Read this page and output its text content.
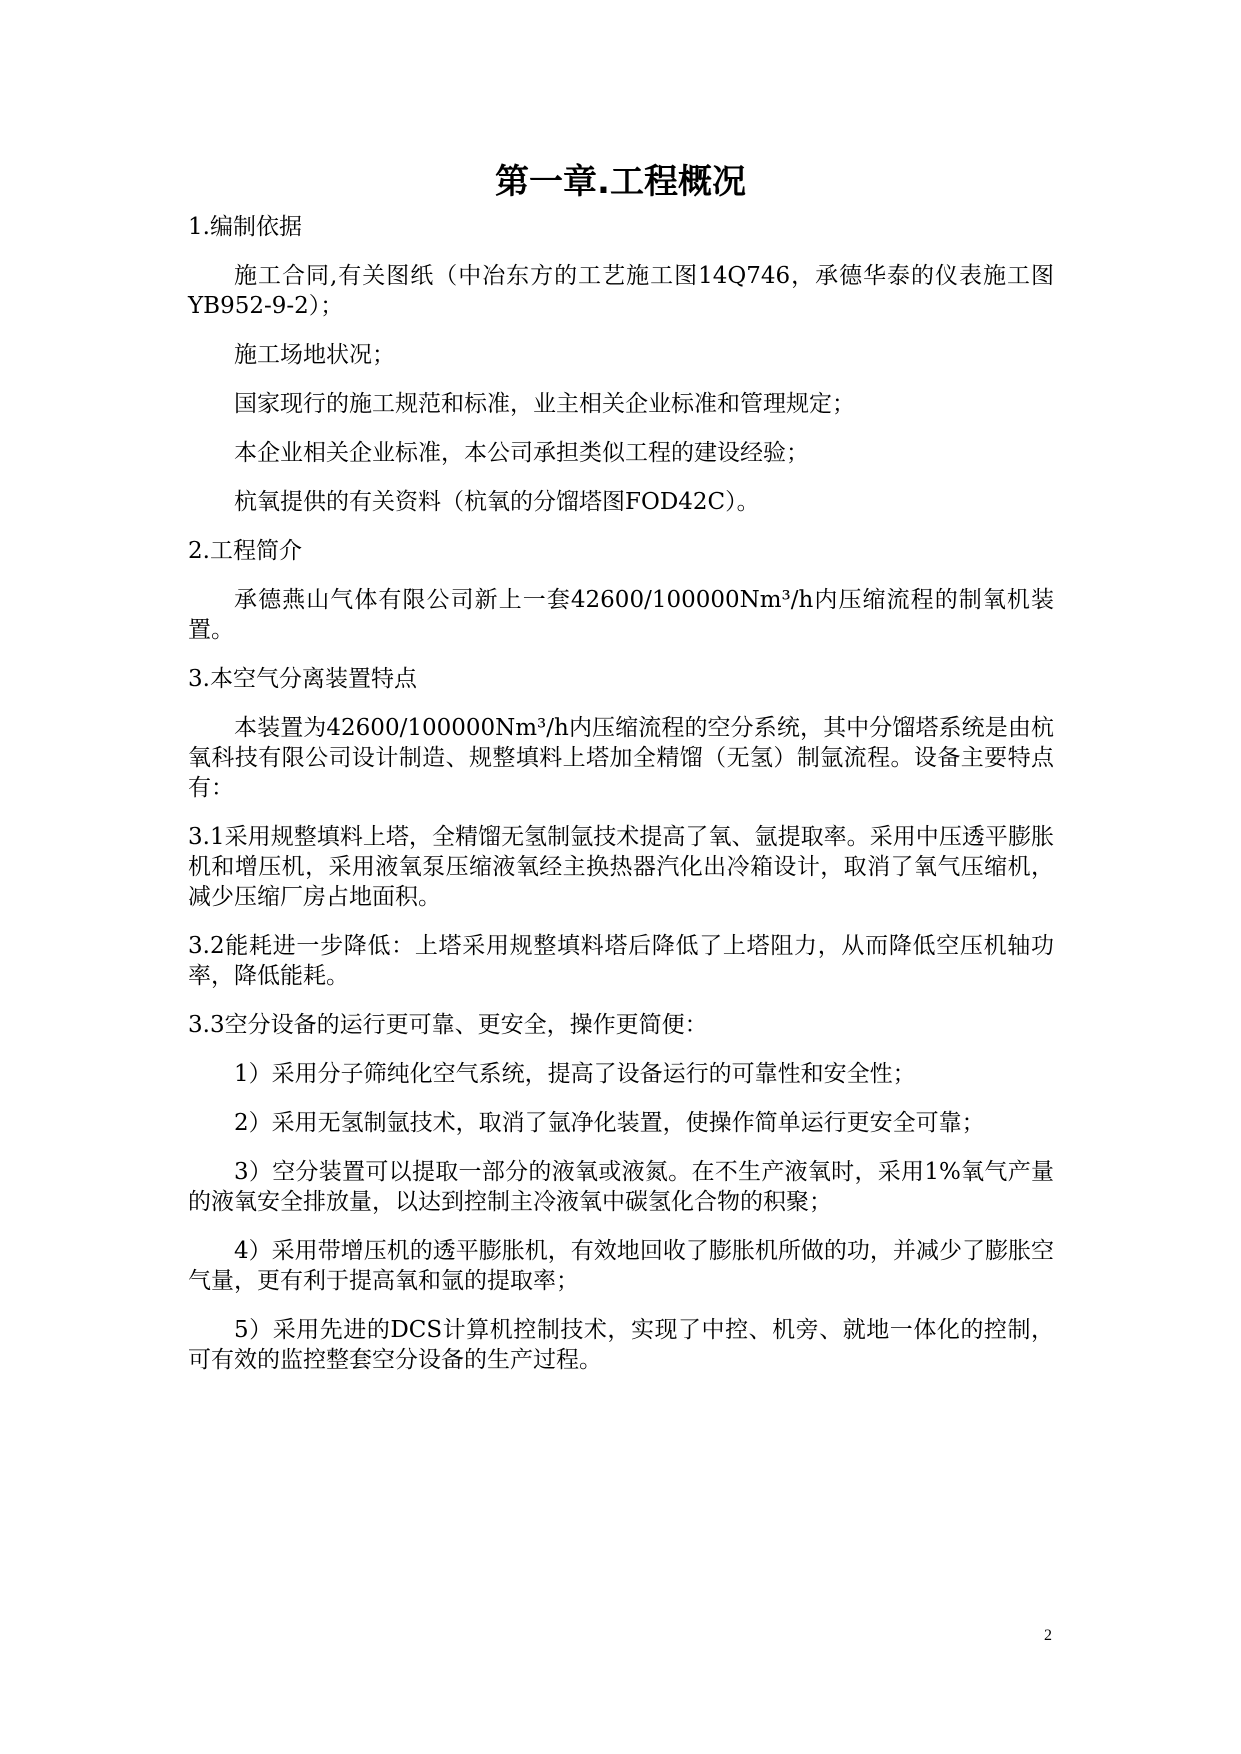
第一章.工程概况

1.编制依据

施工合同,有关图纸（中冶东方的工艺施工图14Q746，承德华泰的仪表施工图YB952-9-2）；

施工场地状况；

国家现行的施工规范和标准，业主相关企业标准和管理规定；

本企业相关企业标准，本公司承担类似工程的建设经验；

杭氧提供的有关资料（杭氧的分馏塔图FOD42C）。

2.工程简介

承德燕山气体有限公司新上一套42600/100000Nm³/h内压缩流程的制氧机装置。

3.本空气分离装置特点

本装置为42600/100000Nm³/h内压缩流程的空分系统，其中分馏塔系统是由杭氧科技有限公司设计制造、规整填料上塔加全精馏（无氢）制氩流程。设备主要特点有：

3.1采用规整填料上塔，全精馏无氢制氩技术提高了氧、氩提取率。采用中压透平膨胀机和增压机，采用液氧泵压缩液氧经主换热器汽化出冷箱设计，取消了氧气压缩机，减少压缩厂房占地面积。

3.2能耗进一步降低：上塔采用规整填料塔后降低了上塔阻力，从而降低空压机轴功率，降低能耗。

3.3空分设备的运行更可靠、更安全，操作更简便：

1）采用分子筛纯化空气系统，提高了设备运行的可靠性和安全性；

2）采用无氢制氩技术，取消了氩净化装置，使操作简单运行更安全可靠；

3）空分装置可以提取一部分的液氧或液氮。在不生产液氧时，采用1%氧气产量的液氧安全排放量，以达到控制主冷液氧中碳氢化合物的积聚；

4）采用带增压机的透平膨胀机，有效地回收了膨胀机所做的功，并减少了膨胀空气量，更有利于提高氧和氩的提取率；

5）采用先进的DCS计算机控制技术，实现了中控、机旁、就地一体化的控制，可有效的监控整套空分设备的生产过程。

2
